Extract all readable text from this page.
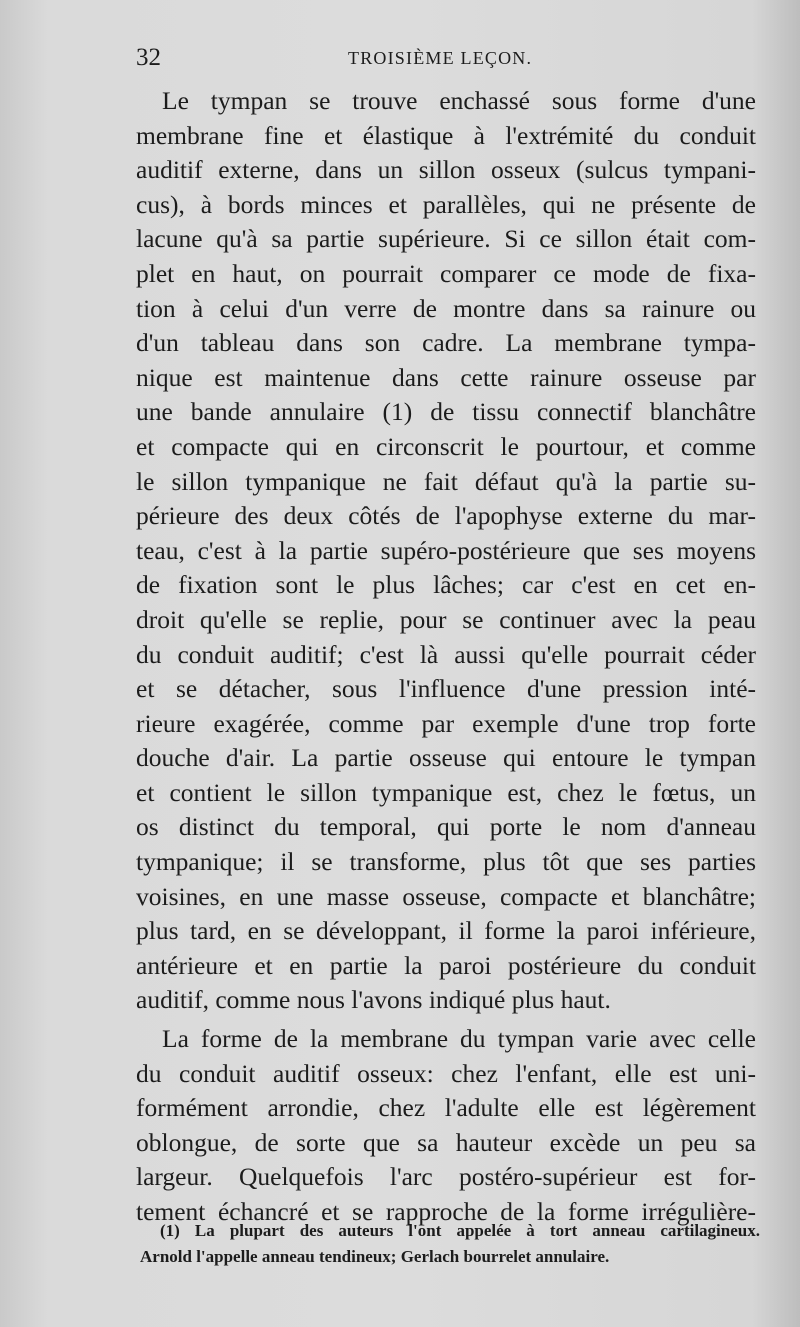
32	TROISIÈME LEÇON.
Le tympan se trouve enchassé sous forme d'une
membrane fine et élastique à l'extrémité du conduit
auditif externe, dans un sillon osseux (sulcus tympani-
cus), à bords minces et parallèles, qui ne présente de
lacune qu'à sa partie supérieure. Si ce sillon était com-
plet en haut, on pourrait comparer ce mode de fixa-
tion à celui d'un verre de montre dans sa rainure ou
d'un tableau dans son cadre. La membrane tympa-
nique est maintenue dans cette rainure osseuse par
une bande annulaire (1) de tissu connectif blanchâtre
et compacte qui en circonscrit le pourtour, et comme
le sillon tympanique ne fait défaut qu'à la partie su-
périeure des deux côtés de l'apophyse externe du mar-
teau, c'est à la partie supéro-postérieure que ses moyens
de fixation sont le plus lâches; car c'est en cet en-
droit qu'elle se replie, pour se continuer avec la peau
du conduit auditif; c'est là aussi qu'elle pourrait céder
et se détacher, sous l'influence d'une pression inté-
rieure exagérée, comme par exemple d'une trop forte
douche d'air. La partie osseuse qui entoure le tympan
et contient le sillon tympanique est, chez le fœtus, un
os distinct du temporal, qui porte le nom d'anneau
tympanique; il se transforme, plus tôt que ses parties
voisines, en une masse osseuse, compacte et blanchâtre;
plus tard, en se développant, il forme la paroi inférieure,
antérieure et en partie la paroi postérieure du conduit
auditif, comme nous l'avons indiqué plus haut.
La forme de la membrane du tympan varie avec celle
du conduit auditif osseux: chez l'enfant, elle est uni-
formément arrondie, chez l'adulte elle est légèrement
oblongue, de sorte que sa hauteur excède un peu sa
largeur. Quelquefois l'arc postéro-supérieur est for-
tement échancré et se rapproche de la forme irrégulière-
(1) La plupart des auteurs l'ont appelée à tort anneau cartilagineux.
Arnold l'appelle anneau tendineux; Gerlach bourrelet annulaire.
